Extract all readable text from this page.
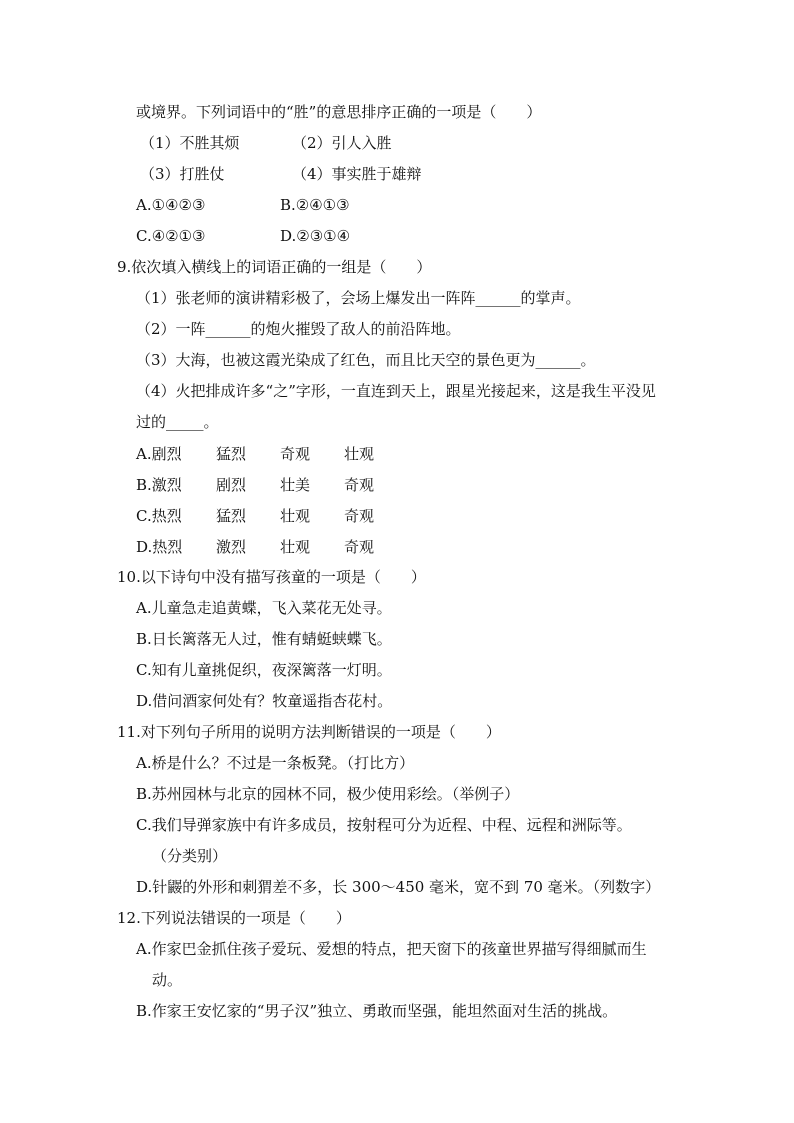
或境界。下列词语中的“胜”的意思排序正确的一项是（　　）
（1）不胜其烦	（2）引人入胜
（3）打胜仗	（4）事实胜于雄辩
A.①④②③	B.②④①③
C.④②①③	D.②③①④
9.依次填入横线上的词语正确的一组是（　　）
（1）张老师的演讲精彩极了，会场上爆发出一阵阵______的掌声。
（2）一阵______的炮火摧毁了敌人的前沿阵地。
（3）大海，也被这霞光染成了红色，而且比天空的景色更为______。
（4）火把排成许多“之”字形，一直连到天上，跟星光接起来，这是我生平没见
过的_____。
A.剧烈 猛烈 奇观 壮观
B.激烈 剧烈 壮美 奇观
C.热烈 猛烈 壮观 奇观
D.热烈 激烈 壮观 奇观
10.以下诗句中没有描写孩童的一项是（　　）
A.儿童急走追黄蝶，飞入菜花无处寻。
B.日长篱落无人过，惟有蜻蜓蛱蝶飞。
C.知有儿童挑促织，夜深篱落一灯明。
D.借问酒家何处有？牧童遥指杏花村。
11.对下列句子所用的说明方法判断错误的一项是（　　）
A.桥是什么？不过是一条板凳。（打比方）
B.苏州园林与北京的园林不同，极少使用彩绘。（举例子）
C.我们导弹家族中有许多成员，按射程可分为近程、中程、远程和洲际等。
（分类别）
D.针鼹的外形和刺猬差不多，长 300～450 毫米，宽不到 70 毫米。（列数字）
12.下列说法错误的一项是（　　）
A.作家巴金抓住孩子爱玩、爱想的特点，把天窗下的孩童世界描写得细腻而生
动。
B.作家王安忆家的“男子汉”独立、勇敢而坚强，能坦然面对生活的挑战。
